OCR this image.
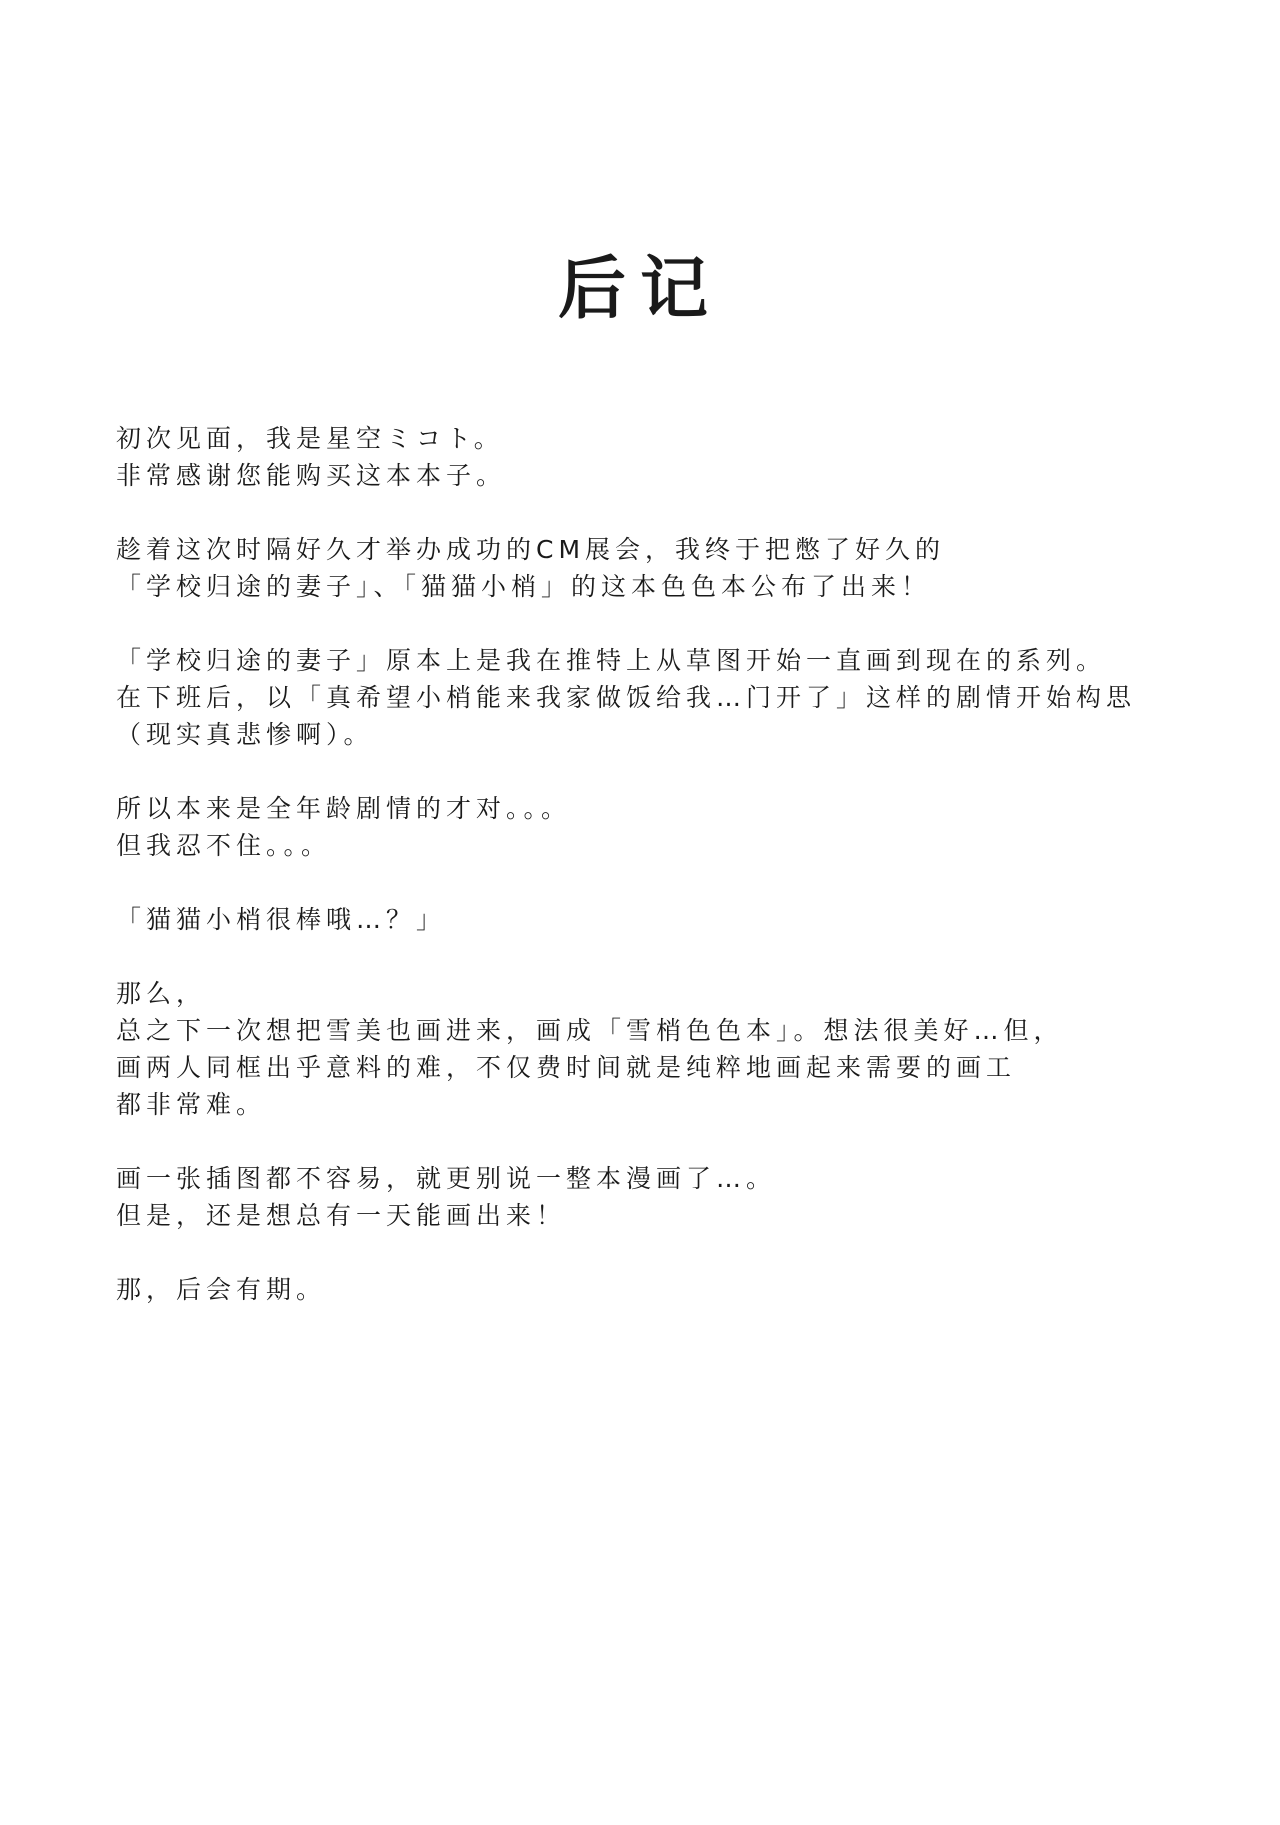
后记
初次见面，我是星空ミコト。
非常感谢您能购买这本本子。
趁着这次时隔好久才举办成功的CM展会，我终于把憋了好久的
「学校归途的妻子」、「猫猫小梢」的这本色色本公布了出来！
「学校归途的妻子」原本上是我在推特上从草图开始一直画到现在的系列。
在下班后，以「真希望小梢能来我家做饭给我…门开了」这样的剧情开始构思
（现实真悲惨啊）。
所以本来是全年龄剧情的才对。。。
但我忍不住。。。
「猫猫小梢很棒哦…？」
那么，
总之下一次想把雪美也画进来，画成「雪梢色色本」。想法很美好…但，
画两人同框出乎意料的难，不仅费时间就是纯粹地画起来需要的画工
都非常难。
画一张插图都不容易，就更别说一整本漫画了…。
但是，还是想总有一天能画出来！
那，后会有期。
